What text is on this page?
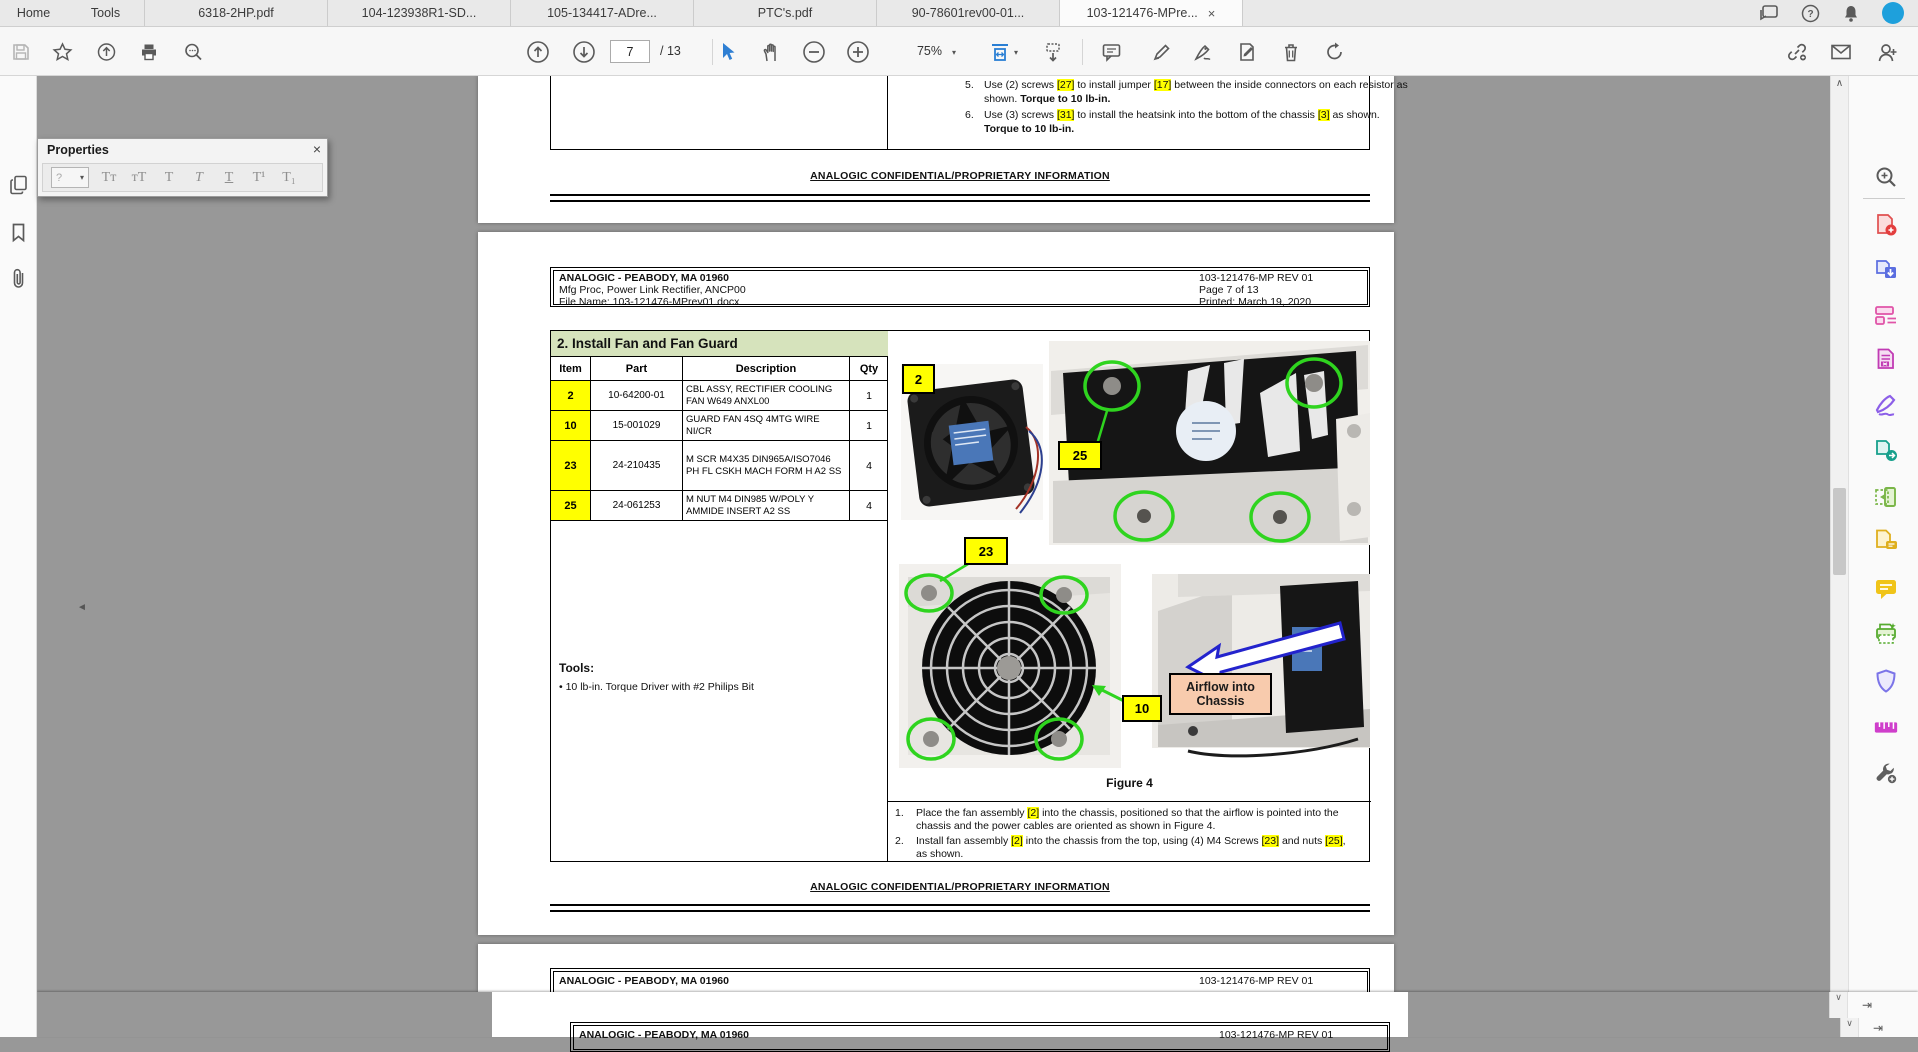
Home	Tools	6318-2HP.pdf	104-123938R1-SD...	105-134417-ADre...	PTC's.pdf	90-78601rev00-01...	103-121476-MPre... ×	?
7
/ 13	75% ▾	▾
5. Use (2) screws [27] to install jumper [17] between the inside connectors on each resistor as shown. Torque to 10 lb-in.
6. Use (3) screws [31] to install the heatsink into the bottom of the chassis [3] as shown. Torque to 10 lb-in.
ANALOGIC CONFIDENTIAL/PROPRIETARY INFORMATION
ANALOGIC - PEABODY, MA 01960
Mfg Proc, Power Link Rectifier, ANCP00
File Name: 103-121476-MPrev01.docx
103-121476-MP REV 01
Page 7 of 13
Printed: March 19, 2020
2. Install Fan and Fan Guard
Item	Part	Description	Qty
2	10-64200-01
CBL ASSY, RECTIFIER COOLING FAN W649 ANXL00	1
10	15-001029
GUARD FAN 4SQ 4MTG WIRE NI/CR	1
23	24-210435
M SCR M4X35 DIN965A/ISO7046 PH FL CSKH MACH FORM H A2 SS	4
25	24-061253
M NUT M4 DIN985 W/POLY Y AMMIDE INSERT A2 SS	4
Tools:
• 10 lb-in. Torque Driver with #2 Philips Bit
2
25
23
10
Airflow into Chassis
Figure 4
1. Place the fan assembly [2] into the chassis, positioned so that the airflow is pointed into the chassis and the power cables are oriented as shown in Figure 4.
2. Install fan assembly [2] into the chassis from the top, using (4) M4 Screws [23] and nuts [25], as shown.
ANALOGIC CONFIDENTIAL/PROPRIETARY INFORMATION
ANALOGIC - PEABODY, MA 01960	103-121476-MP REV 01
◄
∧
ANALOGIC - PEABODY, MA 01960	103-121476-MP REV 01
∨
⇥
∨ ⇥
Properties	×
? ▾ Tт тT	T	T	T	T¹ T₁
